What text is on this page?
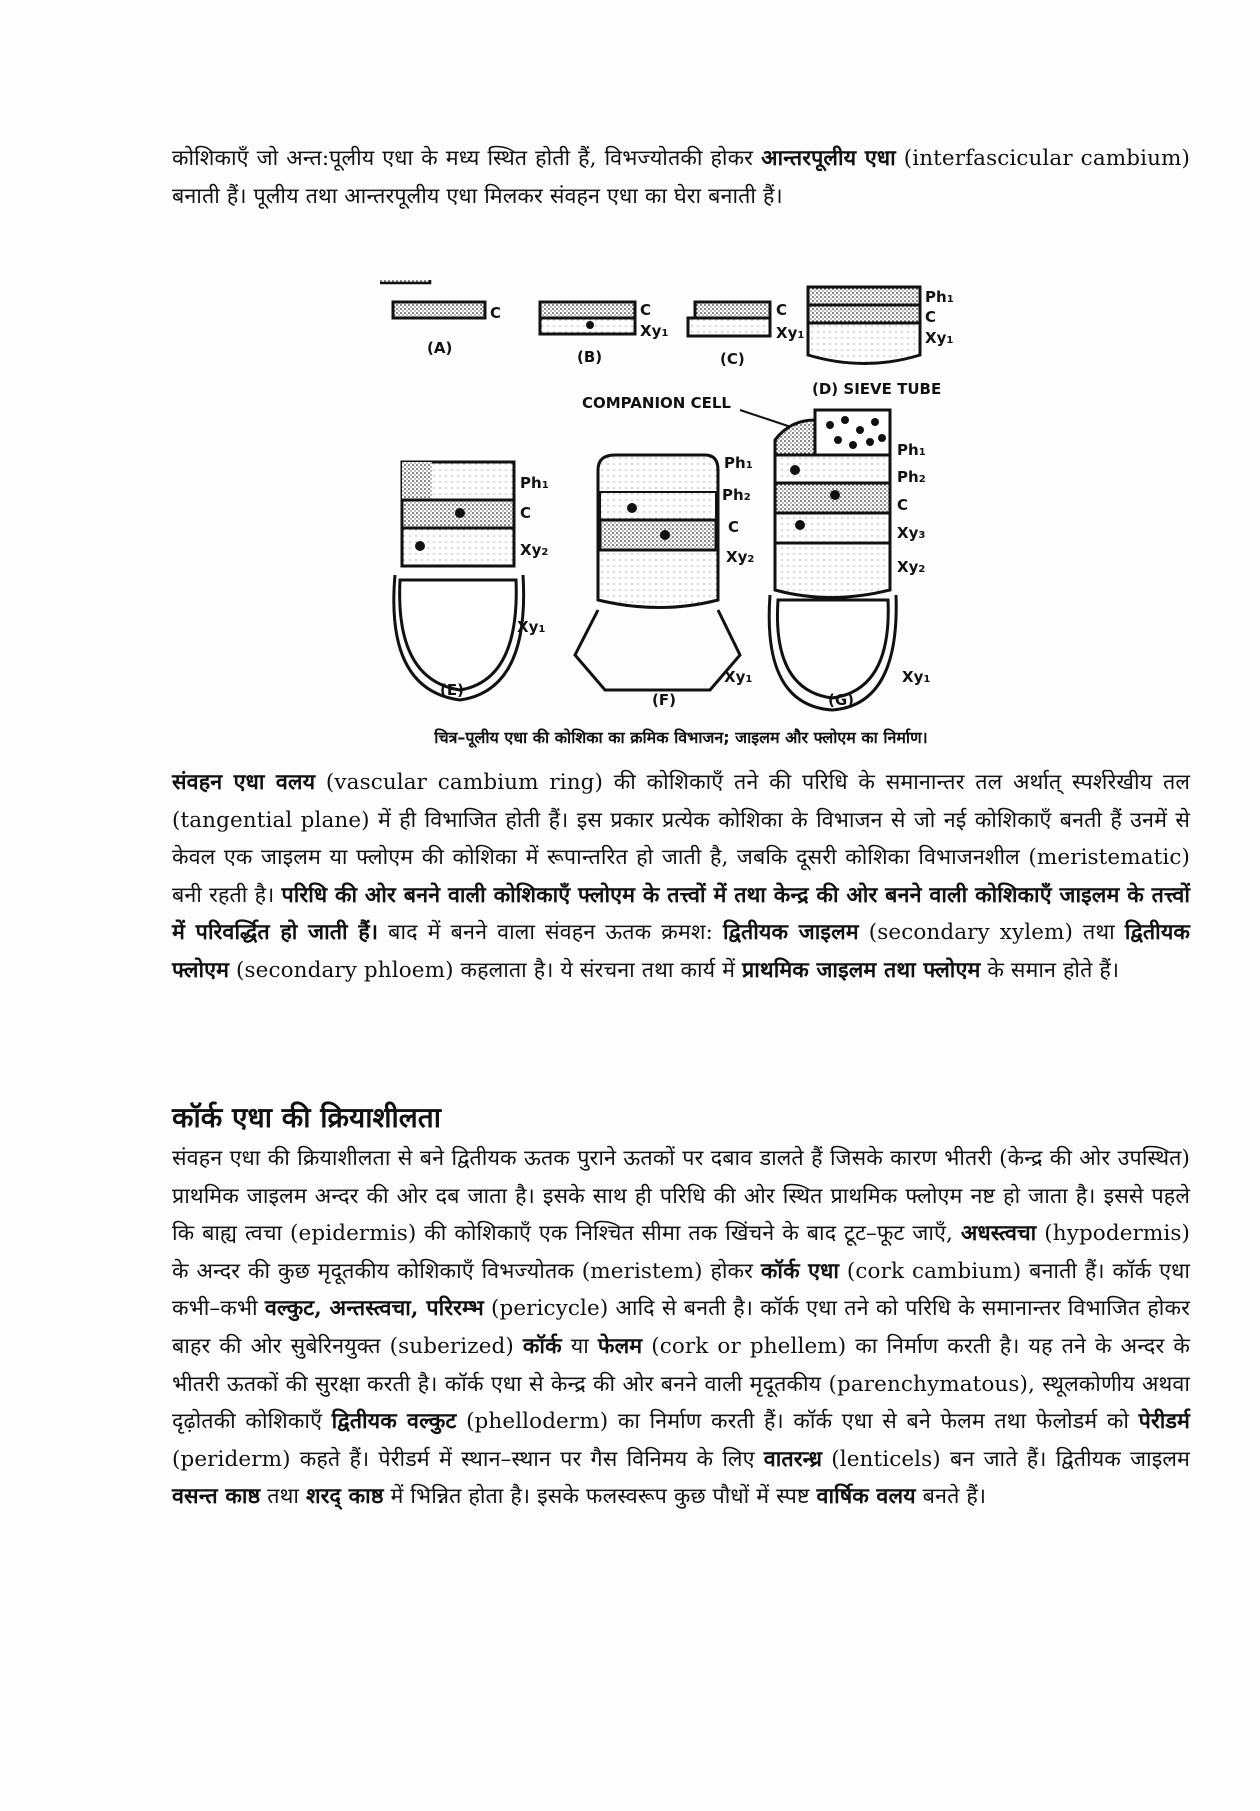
कोशिकाएँ जो अन्त:पूलीय एधा के मध्य स्थित होती हैं, विभज्योतकी होकर आन्तरपूलीय एधा (interfascicular cambium) बनाती हैं। पूलीय तथा आन्तरपूलीय एधा मिलकर संवहन एधा का घेरा बनाती हैं।

C
(A)
C
Xy1
(B)
C
Xy1
(C)
Ph1
C
Xy1
(D) SIEVE TUBE
COMPANION CELL
Ph1
C
Xy2
Xy1
(E)
Ph1
Ph2
C
Xy2
Xy1
(F)
Ph1
Ph2
C
Xy3
Xy2
Xy1
(G)
चित्र–पूलीय एधा की कोशिका का क्रमिक विभाजन; जाइलम और फ्लोएम का निर्माण।

संवहन एधा वलय (vascular cambium ring) की कोशिकाएँ तने की परिधि के समानान्तर तल अर्थात् स्पर्शरेखीय तल (tangential plane) में ही विभाजित होती हैं। इस प्रकार प्रत्येक कोशिका के विभाजन से जो नई कोशिकाएँ बनती हैं उनमें से केवल एक जाइलम या फ्लोएम की कोशिका में रूपान्तरित हो जाती है, जबकि दूसरी कोशिका विभाजनशील (meristematic) बनी रहती है। परिधि की ओर बनने वाली कोशिकाएँ फ्लोएम के तत्त्वों में तथा केन्द्र की ओर बनने वाली कोशिकाएँ जाइलम के तत्त्वों में परिवर्द्धित हो जाती हैं। बाद में बनने वाला संवहन ऊतक क्रमश: द्वितीयक जाइलम (secondary xylem) तथा द्वितीयक फ्लोएम (secondary phloem) कहलाता है। ये संरचना तथा कार्य में प्राथमिक जाइलम तथा फ्लोएम के समान होते हैं।

कॉर्क एधा की क्रियाशीलता

संवहन एधा की क्रियाशीलता से बने द्वितीयक ऊतक पुराने ऊतकों पर दबाव डालते हैं जिसके कारण भीतरी (केन्द्र की ओर उपस्थित) प्राथमिक जाइलम अन्दर की ओर दब जाता है। इसके साथ ही परिधि की ओर स्थित प्राथमिक फ्लोएम नष्ट हो जाता है। इससे पहले कि बाह्य त्वचा (epidermis) की कोशिकाएँ एक निश्चित सीमा तक खिंचने के बाद टूट–फूट जाएँ, अधस्त्वचा (hypodermis) के अन्दर की कुछ मृदूतकीय कोशिकाएँ विभज्योतक (meristem) होकर कॉर्क एधा (cork cambium) बनाती हैं। कॉर्क एधा कभी–कभी वल्कुट, अन्तस्त्वचा, परिरम्भ (pericycle) आदि से बनती है। कॉर्क एधा तने को परिधि के समानान्तर विभाजित होकर बाहर की ओर सुबेरिनयुक्त (suberized) कॉर्क या फेलम (cork or phellem) का निर्माण करती है। यह तने के अन्दर के भीतरी ऊतकों की सुरक्षा करती है। कॉर्क एधा से केन्द्र की ओर बनने वाली मृदूतकीय (parenchymatous), स्थूलकोणीय अथवा दृढ़ोतकी कोशिकाएँ द्वितीयक वल्कुट (phelloderm) का निर्माण करती हैं। कॉर्क एधा से बने फेलम तथा फेलोडर्म को पेरीडर्म (periderm) कहते हैं। पेरीडर्म में स्थान–स्थान पर गैस विनिमय के लिए वातरन्ध्र (lenticels) बन जाते हैं। द्वितीयक जाइलम वसन्त काष्ठ तथा शरद् काष्ठ में भिन्नित होता है। इसके फलस्वरूप कुछ पौधों में स्पष्ट वार्षिक वलय बनते हैं।
